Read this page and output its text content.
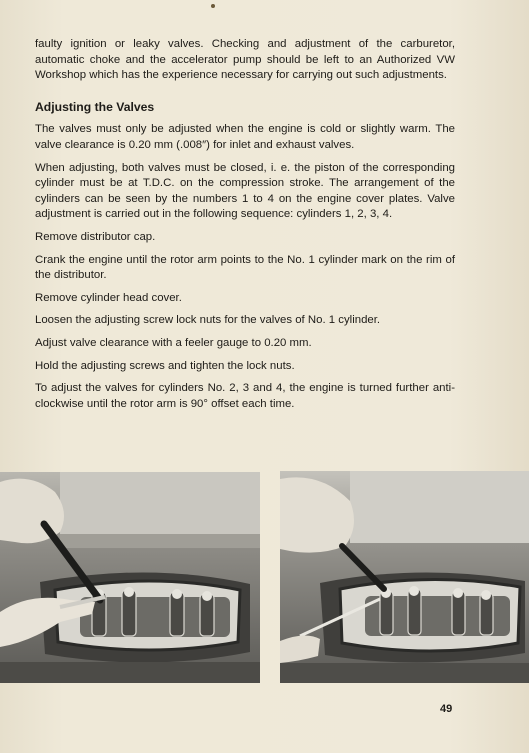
faulty ignition or leaky valves. Checking and adjustment of the carburetor, automatic choke and the accelerator pump should be left to an Authorized VW Workshop which has the experience necessary for carrying out such adjustments.

Adjusting the Valves

The valves must only be adjusted when the engine is cold or slightly warm. The valve clearance is 0.20 mm (.008″) for inlet and exhaust valves.

When adjusting, both valves must be closed, i. e. the piston of the corresponding cylinder must be at T.D.C. on the compression stroke. The arrangement of the cylinders can be seen by the numbers 1 to 4 on the engine cover plates. Valve adjustment is carried out in the following sequence: cylinders 1, 2, 3, 4.

Remove distributor cap.

Crank the engine until the rotor arm points to the No. 1 cylinder mark on the rim of the distributor.

Remove cylinder head cover.

Loosen the adjusting screw lock nuts for the valves of No. 1 cylinder.

Adjust valve clearance with a feeler gauge to 0.20 mm.

Hold the adjusting screws and tighten the lock nuts.

To adjust the valves for cylinders No. 2, 3 and 4, the engine is turned further anti-clockwise until the rotor arm is 90° offset each time.

49
